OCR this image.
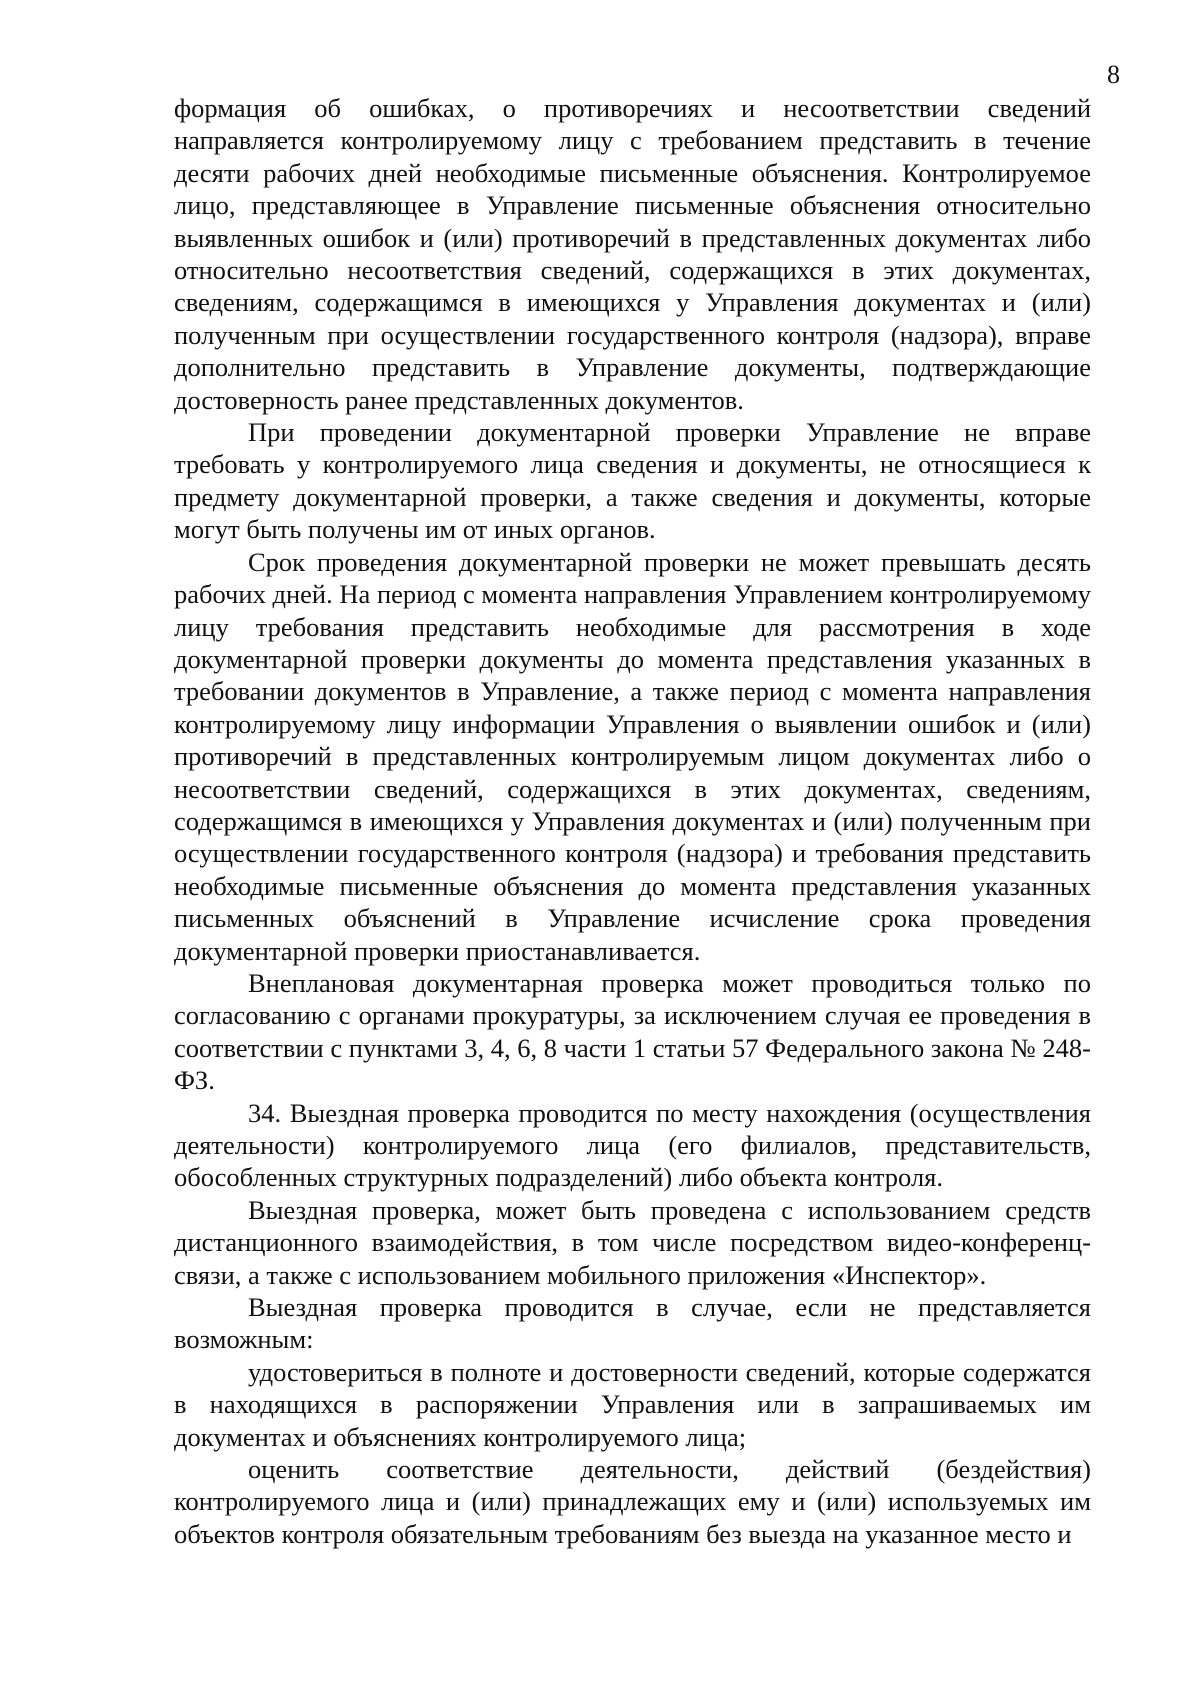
8

формация об ошибках, о противоречиях и несоответствии сведений направляется контролируемому лицу с требованием представить в течение десяти рабочих дней необходимые письменные объяснения. Контролируемое лицо, представляющее в Управление письменные объяснения относительно выявленных ошибок и (или) противоречий в представленных документах либо относительно несоответствия сведений, содержащихся в этих документах, сведениям, содержащимся в имеющихся у Управления документах и (или) полученным при осуществлении государственного контроля (надзора), вправе дополнительно представить в Управление документы, подтверждающие достоверность ранее представленных документов.

При проведении документарной проверки Управление не вправе требовать у контролируемого лица сведения и документы, не относящиеся к предмету документарной проверки, а также сведения и документы, которые могут быть получены им от иных органов.

Срок проведения документарной проверки не может превышать десять рабочих дней. На период с момента направления Управлением контролируемому лицу требования представить необходимые для рассмотрения в ходе документарной проверки документы до момента представления указанных в требовании документов в Управление, а также период с момента направления контролируемому лицу информации Управления о выявлении ошибок и (или) противоречий в представленных контролируемым лицом документах либо о несоответствии сведений, содержащихся в этих документах, сведениям, содержащимся в имеющихся у Управления документах и (или) полученным при осуществлении государственного контроля (надзора) и требования представить необходимые письменные объяснения до момента представления указанных письменных объяснений в Управление исчисление срока проведения документарной проверки приостанавливается.

Внеплановая документарная проверка может проводиться только по согласованию с органами прокуратуры, за исключением случая ее проведения в соответствии с пунктами 3, 4, 6, 8 части 1 статьи 57 Федерального закона № 248-ФЗ.

34. Выездная проверка проводится по месту нахождения (осуществления деятельности) контролируемого лица (его филиалов, представительств, обособленных структурных подразделений) либо объекта контроля.

Выездная проверка, может быть проведена с использованием средств дистанционного взаимодействия, в том числе посредством видео-конференц-связи, а также с использованием мобильного приложения «Инспектор».

Выездная проверка проводится в случае, если не представляется возможным:

удостовериться в полноте и достоверности сведений, которые содержатся в находящихся в распоряжении Управления или в запрашиваемых им документах и объяснениях контролируемого лица;

оценить соответствие деятельности, действий (бездействия) контролируемого лица и (или) принадлежащих ему и (или) используемых им объектов контроля обязательным требованиям без выезда на указанное место и
